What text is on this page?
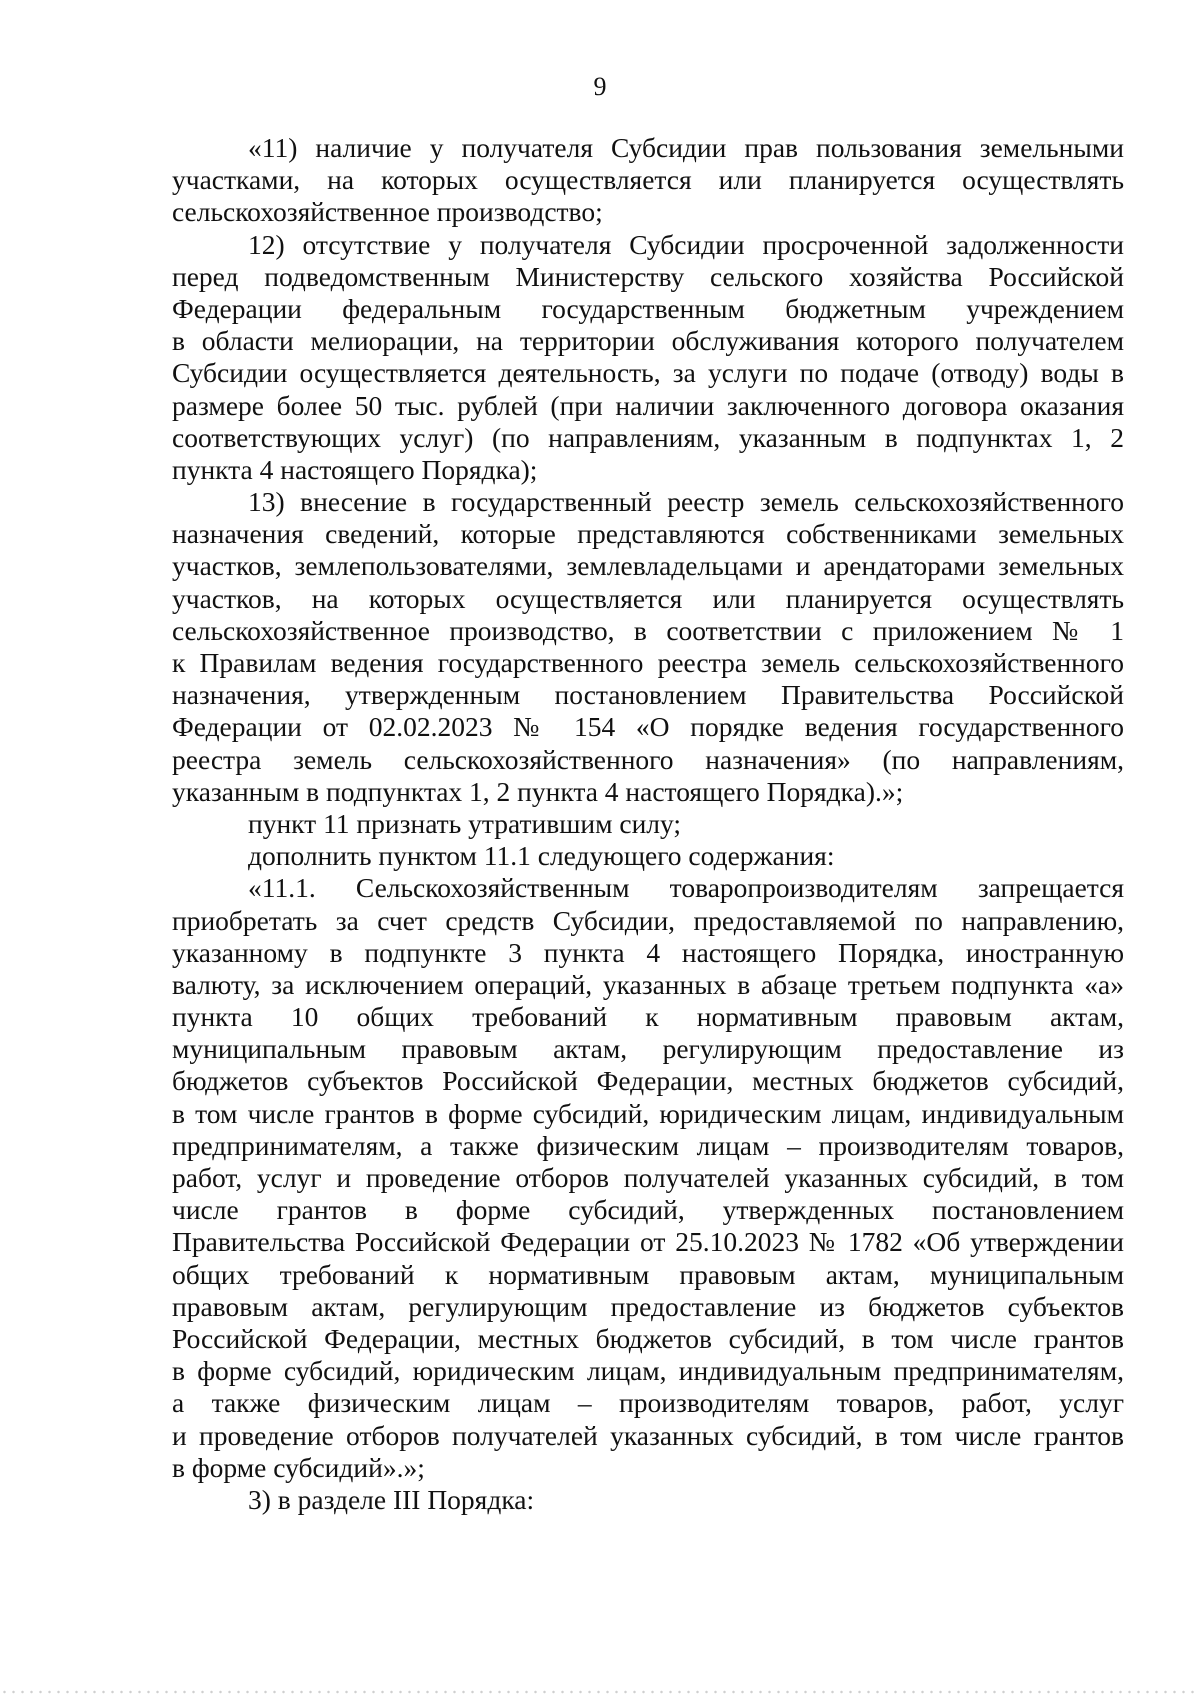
9
«11) наличие у получателя Субсидии прав пользования земельными
участками, на которых осуществляется или планируется осуществлять
сельскохозяйственное производство;
12) отсутствие у получателя Субсидии просроченной задолженности
перед подведомственным Министерству сельского хозяйства Российской
Федерации федеральным государственным бюджетным учреждением
в области мелиорации, на территории обслуживания которого получателем
Субсидии осуществляется деятельность, за услуги по подаче (отводу) воды в
размере более 50 тыс. рублей (при наличии заключенного договора оказания
соответствующих услуг) (по направлениям, указанным в подпунктах 1, 2
пункта 4 настоящего Порядка);
13) внесение в государственный реестр земель сельскохозяйственного
назначения сведений, которые представляются собственниками земельных
участков, землепользователями, землевладельцами и арендаторами земельных
участков, на которых осуществляется или планируется осуществлять
сельскохозяйственное производство, в соответствии с приложением № 1
к Правилам ведения государственного реестра земель сельскохозяйственного
назначения, утвержденным постановлением Правительства Российской
Федерации от 02.02.2023 № 154 «О порядке ведения государственного
реестра земель сельскохозяйственного назначения» (по направлениям,
указанным в подпунктах 1, 2 пункта 4 настоящего Порядка).»;
пункт 11 признать утратившим силу;
дополнить пунктом 11.1 следующего содержания:
«11.1. Сельскохозяйственным товаропроизводителям запрещается
приобретать за счет средств Субсидии, предоставляемой по направлению,
указанному в подпункте 3 пункта 4 настоящего Порядка, иностранную
валюту, за исключением операций, указанных в абзаце третьем подпункта «а»
пункта 10 общих требований к нормативным правовым актам,
муниципальным правовым актам, регулирующим предоставление из
бюджетов субъектов Российской Федерации, местных бюджетов субсидий,
в том числе грантов в форме субсидий, юридическим лицам, индивидуальным
предпринимателям, а также физическим лицам – производителям товаров,
работ, услуг и проведение отборов получателей указанных субсидий, в том
числе грантов в форме субсидий, утвержденных постановлением
Правительства Российской Федерации от 25.10.2023 № 1782 «Об утверждении
общих требований к нормативным правовым актам, муниципальным
правовым актам, регулирующим предоставление из бюджетов субъектов
Российской Федерации, местных бюджетов субсидий, в том числе грантов
в форме субсидий, юридическим лицам, индивидуальным предпринимателям,
а также физическим лицам – производителям товаров, работ, услуг
и проведение отборов получателей указанных субсидий, в том числе грантов
в форме субсидий».»;
3) в разделе III Порядка:
